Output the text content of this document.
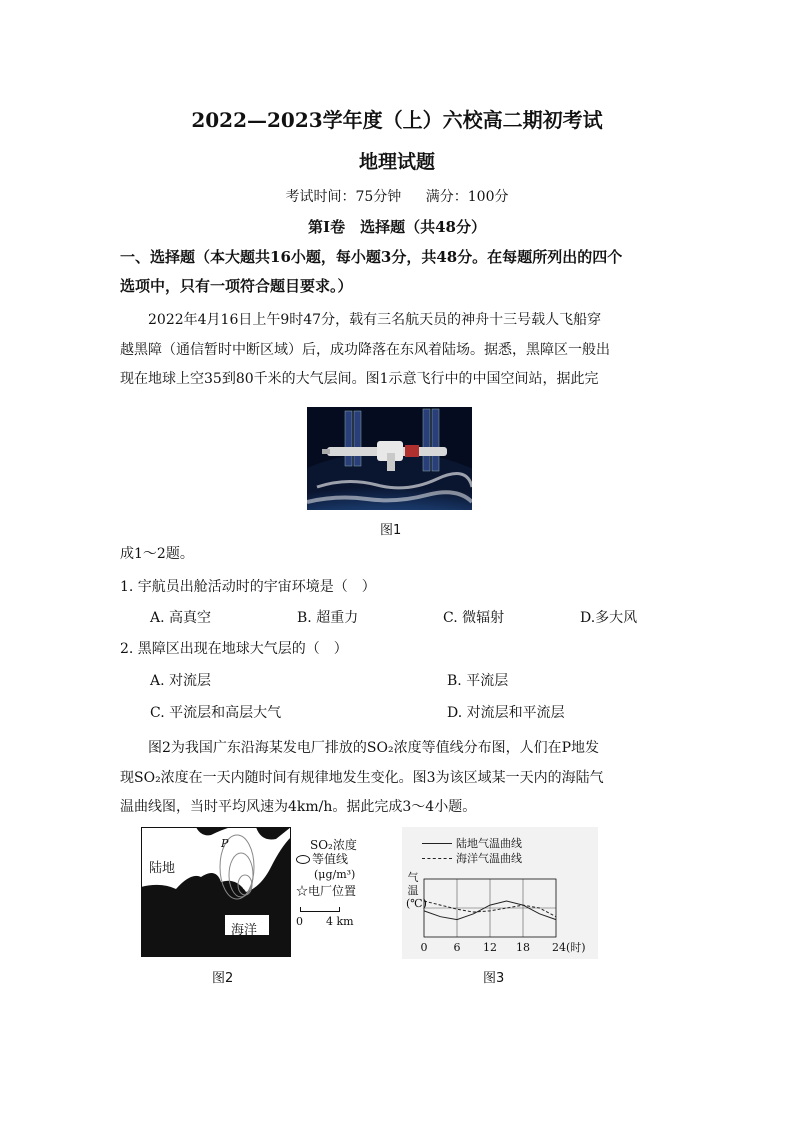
2022—2023学年度（上）六校高二期初考试
地理试题
考试时间：75分钟 满分：100分
第Ⅰ卷　选择题（共48分）
一、选择题（本大题共16小题，每小题3分，共48分。在每题所列出的四个
选项中，只有一项符合题目要求。）

2022年4月16日上午9时47分，载有三名航天员的神舟十三号载人飞船穿

越黑障（通信暂时中断区域）后，成功降落在东风着陆场。据悉，黑障区一般出
现在地球上空35到80千米的大气层间。图1示意飞行中的中国空间站，据此完
图1
成1～2题。
1. 宇航员出舱活动时的宇宙环境是（　）
A. 高真空	B. 超重力	C. 微辐射	D.多大风
2. 黑障区出现在地球大气层的（　）
A. 对流层	B. 平流层
C. 平流层和高层大气	D. 对流层和平流层

图2为我国广东沿海某发电厂排放的SO₂浓度等值线分布图，人们在P地发

现SO₂浓度在一天内随时间有规律地发生变化。图3为该区域某一天内的海陆气
温曲线图，当时平均风速为4km/h。据此完成3～4小题。
☆
陆地
海洋
P	SO₂浓度
等值线
(μg/m³)
☆电厂位置
0 4 km
图2
0 6 12 18 24(时)
陆地气温曲线
海洋气温曲线
气温(℃)
图3
